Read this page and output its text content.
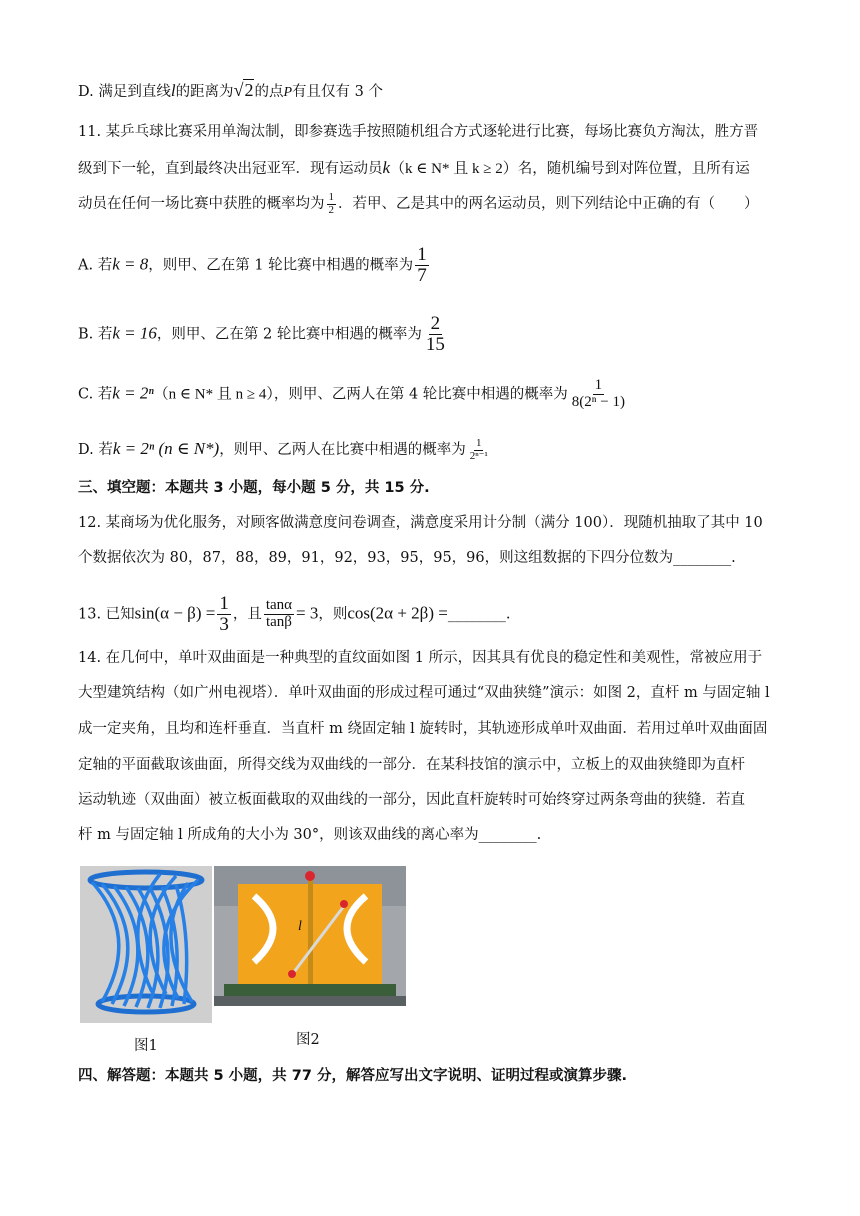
D. 满足到直线l的距离为√2的点P有且仅有 3 个
11. 某乒乓球比赛采用单淘汰制，即参赛选手按照随机组合方式逐轮进行比赛，每场比赛负方淘汰，胜方晋
级到下一轮，直到最终决出冠亚军．现有运动员k（k ∈ N* 且 k ≥ 2）名，随机编号到对阵位置，且所有运
动员在任何一场比赛中获胜的概率均为 $\frac{1}{2}$ ．若甲、乙是其中的两名运动员，则下列结论中正确的有（　　）
A. 若k = 8，则甲、乙在第 1 轮比赛中相遇的概率为 $\frac{1}{7}$
B. 若k = 16，则甲、乙在第 2 轮比赛中相遇的概率为 $\frac{2}{15}$
C. 若k = 2ⁿ（n ∈ N* 且 n ≥ 4），则甲、乙两人在第 4 轮比赛中相遇的概率为 $\frac{1}{\text{8(2ⁿ − 1)}}$
D. 若k = 2ⁿ (n ∈ N*)，则甲、乙两人在比赛中相遇的概率为 $\frac{1}{\text{2ⁿ⁻¹}}$
三、填空题：本题共 3 小题，每小题 5 分，共 15 分.
12. 某商场为优化服务，对顾客做满意度问卷调查，满意度采用计分制（满分 100）．现随机抽取了其中 10
个数据依次为 80，87，88，89，91，92，93，95，95，96，则这组数据的下四分位数为________.
13. 已知$\sin(\alpha - \beta) = \frac{1}{3}$ ，且 $\frac{\tan\alpha}{\tan\beta} = 3$，则cos(2α + 2β) =________.
14. 在几何中，单叶双曲面是一种典型的直纹面如图 1 所示，因其具有优良的稳定性和美观性，常被应用于
大型建筑结构（如广州电视塔）．单叶双曲面的形成过程可通过“双曲狭缝”演示：如图 2，直杆 m 与固定轴 l
成一定夹角，且均和连杆垂直．当直杆 m 绕固定轴 l 旋转时，其轨迹形成单叶双曲面．若用过单叶双曲面固
定轴的平面截取该曲面，所得交线为双曲线的一部分．在某科技馆的演示中，立板上的双曲狭缝即为直杆
运动轨迹（双曲面）被立板面截取的双曲线的一部分，因此直杆旋转时可始终穿过两条弯曲的狭缝．若直
杆 m 与固定轴 l 所成角的大小为 30°，则该双曲线的离心率为________.
l
图1	图2
四、解答题：本题共 5 小题，共 77 分，解答应写出文字说明、证明过程或演算步骤.
